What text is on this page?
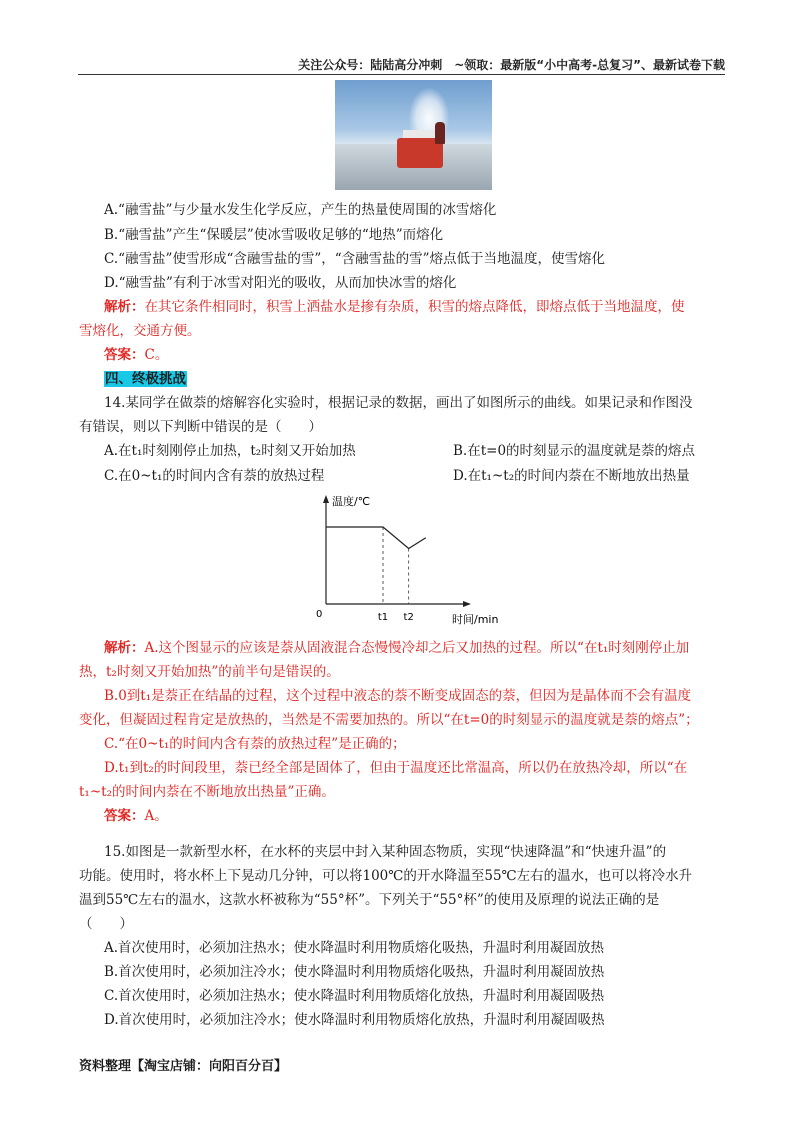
关注公众号：陆陆高分冲刺　~领取：最新版“小中高考-总复习”、最新试卷下载
A.“融雪盐”与少量水发生化学反应，产生的热量使周围的冰雪熔化
B.“融雪盐”产生“保暖层”使冰雪吸收足够的“地热”而熔化
C.“融雪盐”使雪形成“含融雪盐的雪”，“含融雪盐的雪”熔点低于当地温度，使雪熔化
D.“融雪盐”有利于冰雪对阳光的吸收，从而加快冰雪的熔化
解析：在其它条件相同时，积雪上洒盐水是掺有杂质，积雪的熔点降低，即熔点低于当地温度，使
雪熔化，交通方便。
答案：C。
四、终极挑战
14.某同学在做萘的熔解容化实验时，根据记录的数据，画出了如图所示的曲线。如果记录和作图没
有错误，则以下判断中错误的是（　　）
A.在t₁时刻刚停止加热，t₂时刻又开始加热	B.在t=0的时刻显示的温度就是萘的熔点
C.在0~t₁的时间内含有萘的放热过程	D.在t₁~t₂的时间内萘在不断地放出热量
温度/℃
0	t1 t2	时间/min
解析：A.这个图显示的应该是萘从固液混合态慢慢冷却之后又加热的过程。所以“在t₁时刻刚停止加
热，t₂时刻又开始加热”的前半句是错误的。
B.0到t₁是萘正在结晶的过程，这个过程中液态的萘不断变成固态的萘，但因为是晶体而不会有温度
变化，但凝固过程肯定是放热的，当然是不需要加热的。所以“在t=0的时刻显示的温度就是萘的熔点”；
C.“在0~t₁的时间内含有萘的放热过程”是正确的；
D.t₁到t₂的时间段里，萘已经全部是固体了，但由于温度还比常温高，所以仍在放热冷却，所以“在
t₁~t₂的时间内萘在不断地放出热量”正确。
答案：A。
15.如图是一款新型水杯，在水杯的夹层中封入某种固态物质，实现“快速降温”和“快速升温”的
功能。使用时，将水杯上下晃动几分钟，可以将100℃的开水降温至55℃左右的温水，也可以将冷水升
温到55℃左右的温水，这款水杯被称为“55°杯”。下列关于“55°杯”的使用及原理的说法正确的是
（　　）
A.首次使用时，必须加注热水；使水降温时利用物质熔化吸热，升温时利用凝固放热
B.首次使用时，必须加注冷水；使水降温时利用物质熔化吸热，升温时利用凝固放热
C.首次使用时，必须加注热水；使水降温时利用物质熔化放热，升温时利用凝固吸热
D.首次使用时，必须加注冷水；使水降温时利用物质熔化放热，升温时利用凝固吸热
资料整理【淘宝店铺：向阳百分百】
